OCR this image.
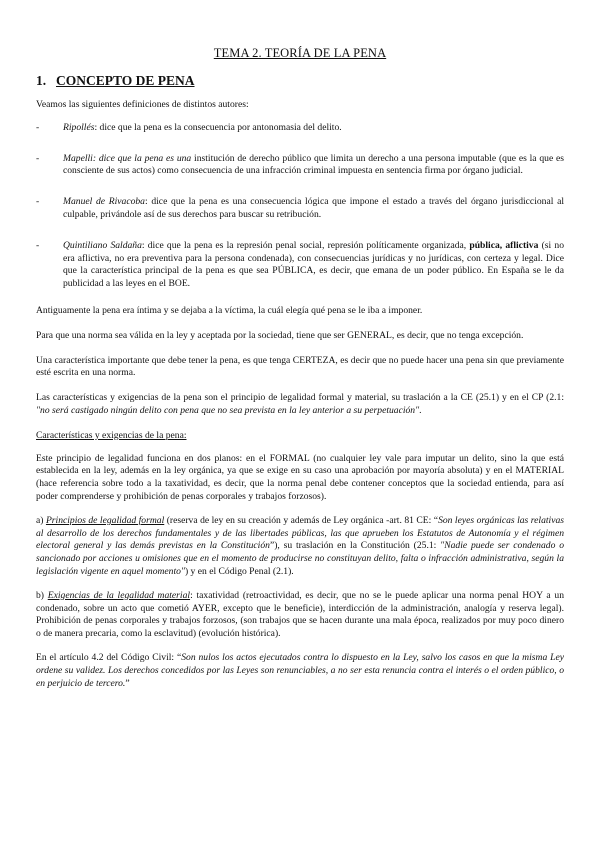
TEMA 2. TEORÍA DE LA PENA
1. CONCEPTO DE PENA

Veamos las siguientes definiciones de distintos autores:

-	Ripollés: dice que la pena es la consecuencia por antonomasia del delito.
-	Mapelli: dice que la pena es una institución de derecho público que limita un derecho a una persona imputable (que es la que es consciente de sus actos) como consecuencia de una infracción criminal impuesta en sentencia firma por órgano judicial.
-	Manuel de Rivacoba: dice que la pena es una consecuencia lógica que impone el estado a través del órgano jurisdiccional al culpable, privándole así de sus derechos para buscar su retribución.
-	Quintiliano Saldaña: dice que la pena es la represión penal social, represión políticamente organizada, pública, aflictiva (si no era aflictiva, no era preventiva para la persona condenada), con consecuencias jurídicas y no jurídicas, con certeza y legal. Dice que la característica principal de la pena es que sea PÚBLICA, es decir, que emana de un poder público. En España se le da publicidad a las leyes en el BOE.

Antiguamente la pena era íntima y se dejaba a la víctima, la cuál elegía qué pena se le iba a imponer.

Para que una norma sea válida en la ley y aceptada por la sociedad, tiene que ser GENERAL, es decir, que no tenga excepción.

Una característica importante que debe tener la pena, es que tenga CERTEZA, es decir que no puede hacer una pena sin que previamente esté escrita en una norma.

Las características y exigencias de la pena son el principio de legalidad formal y material, su traslación a la CE (25.1) y en el CP (2.1: "no será castigado ningún delito con pena que no sea prevista en la ley anterior a su perpetuación".

Características y exigencias de la pena:

Este principio de legalidad funciona en dos planos: en el FORMAL (no cualquier ley vale para imputar un delito, sino la que está establecida en la ley, además en la ley orgánica, ya que se exige en su caso una aprobación por mayoría absoluta) y en el MATERIAL (hace referencia sobre todo a la taxatividad, es decir, que la norma penal debe contener conceptos que la sociedad entienda, para así poder comprenderse y prohibición de penas corporales y trabajos forzosos).

a) Principios de legalidad formal (reserva de ley en su creación y además de Ley orgánica -art. 81 CE: “Son leyes orgánicas las relativas al desarrollo de los derechos fundamentales y de las libertades públicas, las que aprueben los Estatutos de Autonomía y el régimen electoral general y las demás previstas en la Constitución”), su traslación en la Constitución (25.1: "Nadie puede ser condenado o sancionado por acciones u omisiones que en el momento de producirse no constituyan delito, falta o infracción administrativa, según la legislación vigente en aquel momento") y en el Código Penal (2.1).

b) Exigencias de la legalidad material: taxatividad (retroactividad, es decir, que no se le puede aplicar una norma penal HOY a un condenado, sobre un acto que cometió AYER, excepto que le beneficie), interdicción de la administración, analogía y reserva legal). Prohibición de penas corporales y trabajos forzosos, (son trabajos que se hacen durante una mala época, realizados por muy poco dinero o de manera precaria, como la esclavitud) (evolución histórica).

En el artículo 4.2 del Código Civil: “Son nulos los actos ejecutados contra lo dispuesto en la Ley, salvo los casos en que la misma Ley ordene su validez. Los derechos concedidos por las Leyes son renunciables, a no ser esta renuncia contra el interés o el orden público, o en perjuicio de tercero.”
